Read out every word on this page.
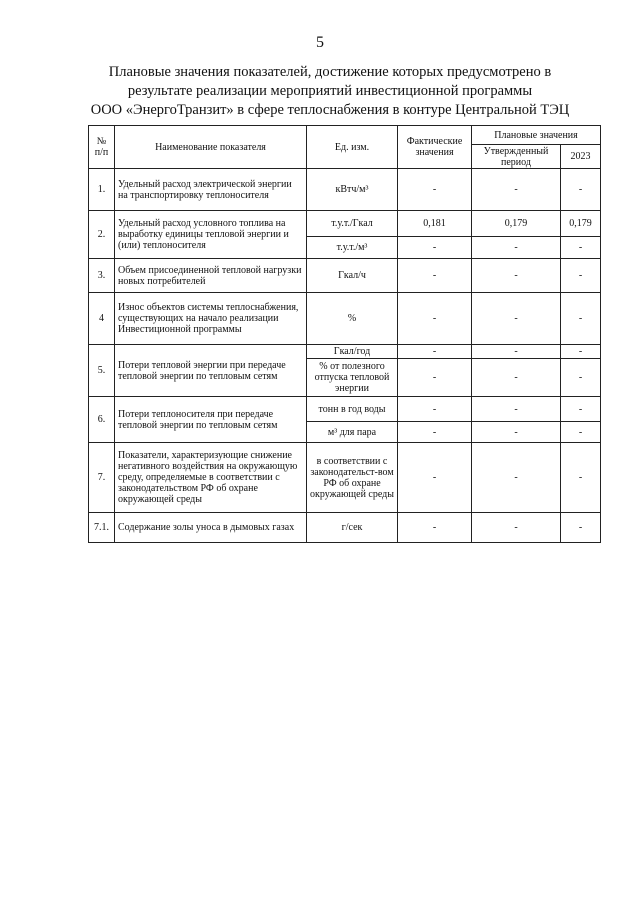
5
Плановые значения показателей, достижение которых предусмотрено в
результате реализации мероприятий инвестиционной программы
ООО «ЭнергоТранзит» в сфере теплоснабжения в контуре Центральной ТЭЦ
№ п/п	Наименование показателя	Ед. изм.	Фактические значения	Плановые значения	
				Утвержденный период	2023
1.	Удельный расход электрической энергии на транспортировку теплоносителя	кВтч/м³	-	-	-
2.	Удельный расход условного топлива на выработку единицы тепловой энергии и (или) теплоносителя	т.у.т./Гкал	0,181	0,179	0,179
		т.у.т./м³	-	-	-
3.	Объем присоединенной тепловой нагрузки новых потребителей	Гкал/ч	-	-	-
4	Износ объектов системы теплоснабжения, существующих на начало реализации Инвестиционной программы	%	-	-	-
5.	Потери тепловой энергии при передаче тепловой энергии по тепловым сетям	Гкал/год	-	-	-
		% от полезного отпуска тепловой энергии	-	-	-
6.	Потери теплоносителя при передаче тепловой энергии по тепловым сетям	тонн в год воды	-	-	-
		м³ для пара	-	-	-
7.	Показатели, характеризующие снижение негативного воздействия на окружающую среду, определяемые в соответствии с законодательством РФ об охране окружающей среды	в соответствии с законодательст-вом РФ об охране окружающей среды	-	-	-
7.1.	Содержание золы уноса в дымовых газах	г/сек	-	-	-
